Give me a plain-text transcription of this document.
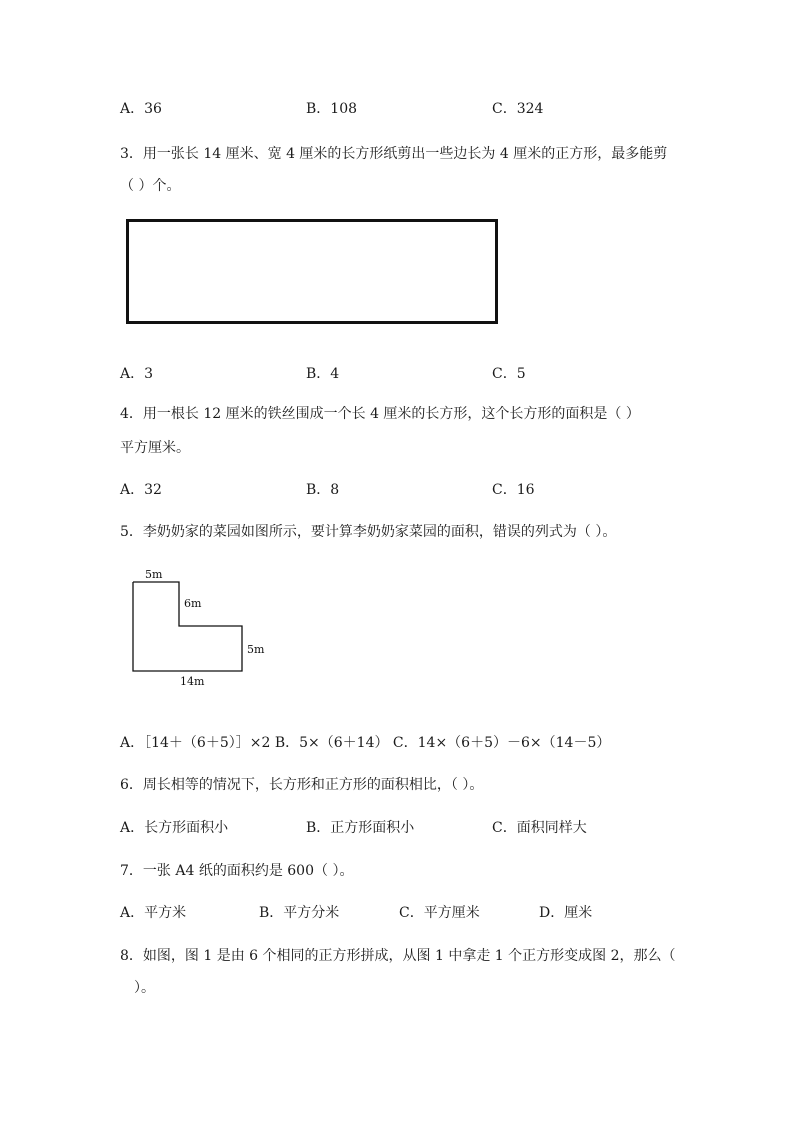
A．36	B．108	C．324
3．用一张长 14 厘米、宽 4 厘米的长方形纸剪出一些边长为 4 厘米的正方形，最多能剪
（ ）个。
A．3	B．4	C．5
4．用一根长 12 厘米的铁丝围成一个长 4 厘米的长方形，这个长方形的面积是（ ）
平方厘米。
A．32	B．8	C．16
5．李奶奶家的菜园如图所示，要计算李奶奶家菜园的面积，错误的列式为（ ）。
5m
6m
5m
14m
A．［14＋（6＋5）］×2 B．5×（6＋14） C．14×（6＋5）－6×（14－5）
6．周长相等的情况下，长方形和正方形的面积相比，（ ）。
A．长方形面积小	B．正方形面积小	C．面积同样大
7．一张 A4 纸的面积约是 600（ ）。
A．平方米	B．平方分米	C．平方厘米	D．厘米
8．如图，图 1 是由 6 个相同的正方形拼成，从图 1 中拿走 1 个正方形变成图 2，那么（
）。
